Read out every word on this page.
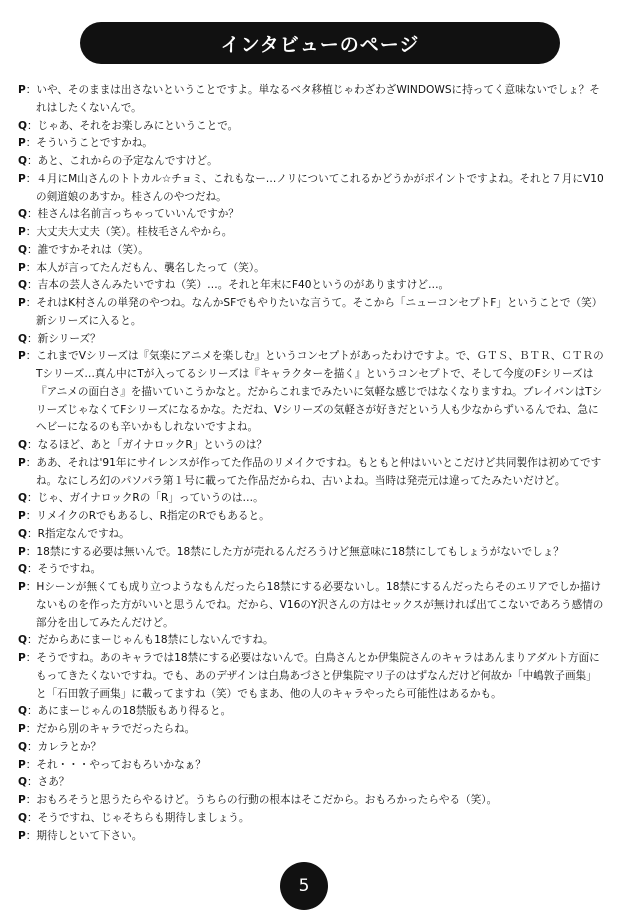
インタビューのページ

P：いや、そのままは出さないということですよ。単なるベタ移植じゃわざわざWINDOWSに持ってく意味ないでしょ？それはしたくないんで。

Q：じゃあ、それをお楽しみにということで。

P：そういうことですかね。

Q：あと、これからの予定なんですけど。

P：４月にM山さんのトトカル☆チョミ、これもなー…ノリについてこれるかどうかがポイントですよね。それと７月にV10の剣道娘のあすか。桂さんのやつだね。

Q：桂さんは名前言っちゃっていいんですか？

P：大丈夫大丈夫（笑）。桂枝毛さんやから。

Q：誰ですかそれは（笑）。

P：本人が言ってたんだもん、襲名したって（笑）。

Q：吉本の芸人さんみたいですね（笑）…。それと年末にF40というのがありますけど…。

P：それはK村さんの単発のやつね。なんかSFでもやりたいな言うて。そこから「ニューコンセプトF」ということで（笑）新シリーズに入ると。

Q：新シリーズ？

P：これまでVシリーズは『気楽にアニメを楽しむ』というコンセプトがあったわけですよ。で、ＧＴＳ、ＢＴＲ、ＣＴＲのTシリーズ…真ん中にTが入ってるシリーズは『キャラクターを描く』というコンセプトで、そして今度のFシリーズは『アニメの面白さ』を描いていこうかなと。だからこれまでみたいに気軽な感じではなくなりますね。ブレイバンはTシリーズじゃなくてFシリーズになるかな。ただね、Vシリーズの気軽さが好きだという人も少なからずいるんでね、急にヘビーになるのも辛いかもしれないですよね。

Q：なるほど、あと「ガイナロックR」というのは？

P：ああ、それは'91年にサイレンスが作ってた作品のリメイクですね。もともと仲はいいとこだけど共同製作は初めてですね。なにしろ幻のパソパラ第１号に載ってた作品だからね、古いよね。当時は発売元は違ってたみたいだけど。

Q：じゃ、ガイナロックRの「R」っていうのは…。

P：リメイクのRでもあるし、R指定のRでもあると。

Q：R指定なんですね。

P：18禁にする必要は無いんで。18禁にした方が売れるんだろうけど無意味に18禁にしてもしょうがないでしょ？

Q：そうですね。

P：Hシーンが無くても成り立つようなもんだったら18禁にする必要ないし。18禁にするんだったらそのエリアでしか描けないものを作った方がいいと思うんでね。だから、V16のY沢さんの方はセックスが無ければ出てこないであろう感情の部分を出してみたんだけど。

Q：だからあにまーじゃんも18禁にしないんですね。

P：そうですね。あのキャラでは18禁にする必要はないんで。白鳥さんとか伊集院さんのキャラはあんまりアダルト方面にもってきたくないですね。でも、あのデザインは白鳥あづさと伊集院マリ子のはずなんだけど何故か「中嶋敦子画集」と「石田敦子画集」に載ってますね（笑）でもまあ、他の人のキャラやったら可能性はあるかも。

Q：あにまーじゃんの18禁版もあり得ると。

P：だから別のキャラでだったらね。

Q：カレラとか？

P：それ・・・やっておもろいかなぁ？

Q：さあ？

P：おもろそうと思うたらやるけど。うちらの行動の根本はそこだから。おもろかったらやる（笑）。

Q：そうですね、じゃそちらも期待しましょう。

P：期待しといて下さい。

5
